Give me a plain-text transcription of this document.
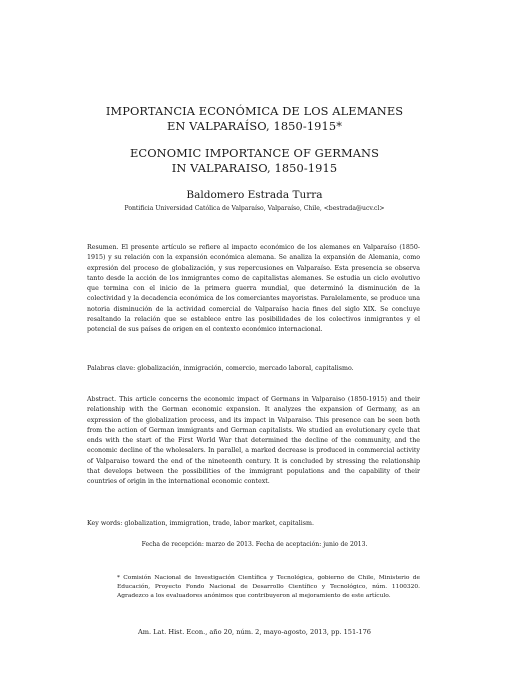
IMPORTANCIA ECONÓMICA DE LOS ALEMANES
EN VALPARAÍSO, 1850-1915*
ECONOMIC IMPORTANCE OF GERMANS
IN VALPARAISO, 1850-1915
Baldomero Estrada Turra
Pontificia Universidad Católica de Valparaíso, Valparaíso, Chile, <bestrada@ucv.cl>

Resumen. El presente artículo se refiere al impacto económico de los alemanes en Valparaíso (1850-1915) y su relación con la expansión económica alemana. Se analiza la expansión de Alemania, como expresión del proceso de globalización, y sus repercusiones en Valparaíso. Esta presencia se observa tanto desde la acción de los inmigrantes como de capitalistas alemanes. Se estudia un ciclo evolutivo que termina con el inicio de la primera guerra mundial, que determinó la disminución de la colectividad y la decadencia económica de los comerciantes mayoristas. Paralelamente, se produce una notoria disminución de la actividad comercial de Valparaíso hacia fines del siglo XIX. Se concluye resaltando la relación que se establece entre las posibilidades de los colectivos inmigrantes y el potencial de sus países de origen en el contexto económico internacional.

Palabras clave: globalización, inmigración, comercio, mercado laboral, capitalismo.

Abstract. This article concerns the economic impact of Germans in Valparaiso (1850-1915) and their relationship with the German economic expansion. It analyzes the expansion of Germany, as an expression of the globalization process, and its impact in Valparaiso. This presence can be seen both from the action of German immigrants and German capitalists. We studied an evolutionary cycle that ends with the start of the First World War that determined the decline of the community, and the economic decline of the wholesalers. In parallel, a marked decrease is produced in commercial activity of Valparaiso toward the end of the nineteenth century. It is concluded by stressing the relationship that develops between the possibilities of the immigrant populations and the capability of their countries of origin in the international economic context.

Key words: globalization, immigration, trade, labor market, capitalism.

Fecha de recepción: marzo de 2013. Fecha de aceptación: junio de 2013.

* Comisión Nacional de Investigación Científica y Tecnológica, gobierno de Chile, Ministerio de Educación, Proyecto Fondo Nacional de Desarrollo Científico y Tecnológico, núm. 1100320. Agradezco a los evaluadores anónimos que contribuyeron al mejoramiento de este artículo.

Am. Lat. Hist. Econ., año 20, núm. 2, mayo-agosto, 2013, pp. 151-176
